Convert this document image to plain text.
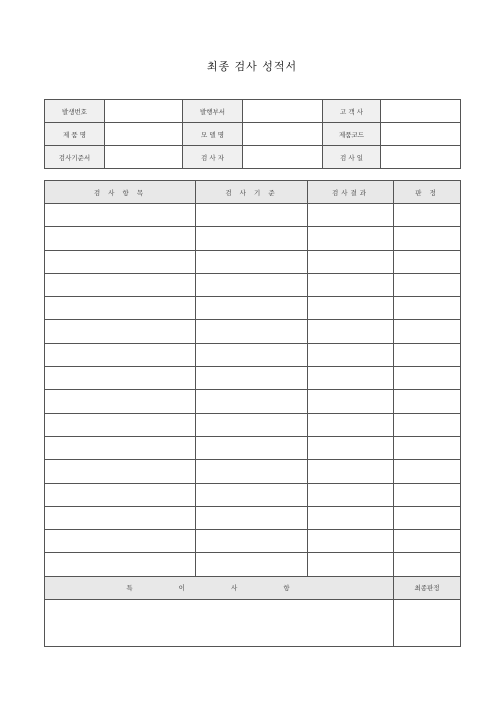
최종 검사 성적서
발생번호		발행부서		고 객 사	
제 품 명		모 델 명		제품코드	
검사기준서		검 사 자		검 사 일	
검 사 항 목	검 사 기 준	검사결과	판 정

특 이 사 항			최종판정
